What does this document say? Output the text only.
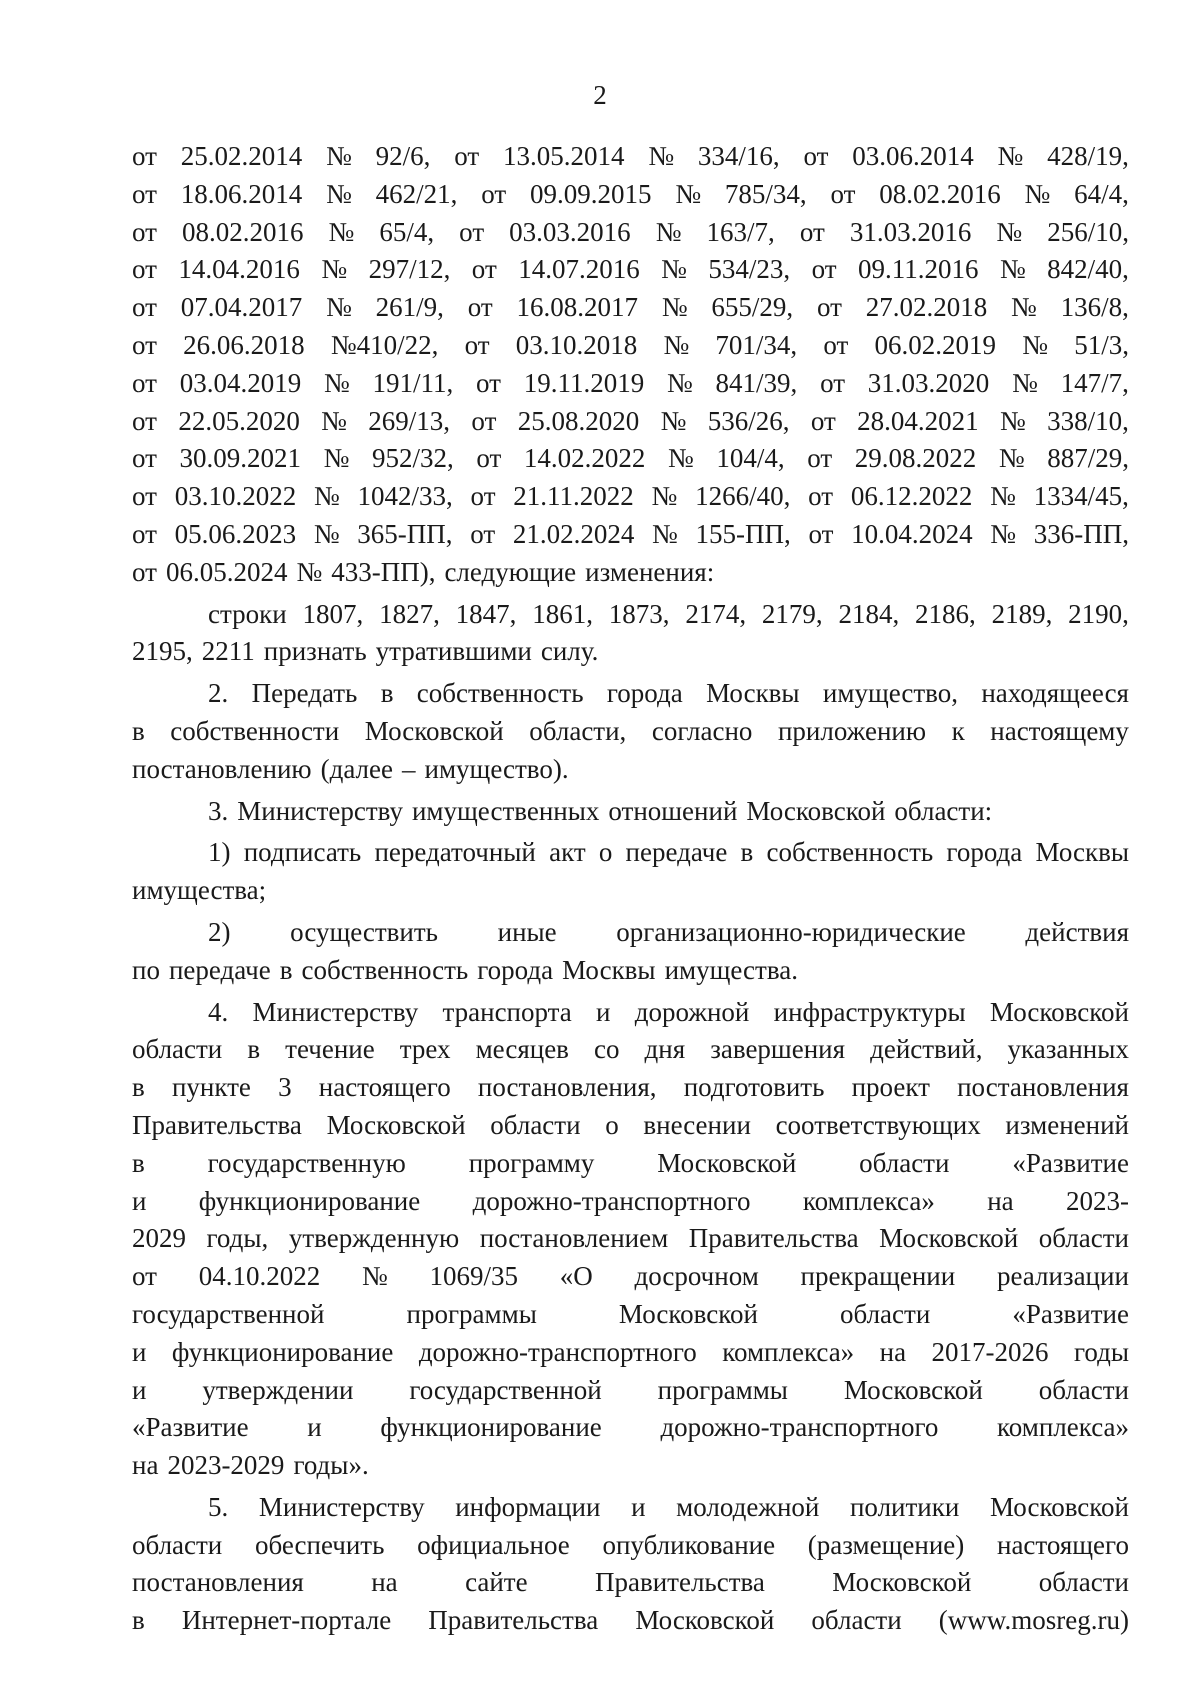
2
от 25.02.2014 № 92/6, от 13.05.2014 № 334/16, от 03.06.2014 № 428/19,
от 18.06.2014 № 462/21, от 09.09.2015 № 785/34, от 08.02.2016 № 64/4,
от 08.02.2016 № 65/4, от 03.03.2016 № 163/7, от 31.03.2016 № 256/10,
от 14.04.2016 № 297/12, от 14.07.2016 № 534/23, от 09.11.2016 № 842/40,
от 07.04.2017 № 261/9, от 16.08.2017 № 655/29, от 27.02.2018 № 136/8,
от 26.06.2018 №410/22, от 03.10.2018 № 701/34, от 06.02.2019 № 51/3,
от 03.04.2019 № 191/11, от 19.11.2019 № 841/39, от 31.03.2020 № 147/7,
от 22.05.2020 № 269/13, от 25.08.2020 № 536/26, от 28.04.2021 № 338/10,
от 30.09.2021 № 952/32, от 14.02.2022 № 104/4, от 29.08.2022 № 887/29,
от 03.10.2022 № 1042/33, от 21.11.2022 № 1266/40, от 06.12.2022 № 1334/45,
от 05.06.2023 № 365-ПП, от 21.02.2024 № 155-ПП, от 10.04.2024 № 336-ПП,
от 06.05.2024 № 433-ПП), следующие изменения:
строки 1807, 1827, 1847, 1861, 1873, 2174, 2179, 2184, 2186, 2189, 2190,
2195, 2211 признать утратившими силу.
2. Передать в собственность города Москвы имущество, находящееся
в собственности Московской области, согласно приложению к настоящему
постановлению (далее – имущество).
3. Министерству имущественных отношений Московской области:
1) подписать передаточный акт о передаче в собственность города Москвы
имущества;
2) осуществить иные организационно-юридические действия
по передаче в собственность города Москвы имущества.
4. Министерству транспорта и дорожной инфраструктуры Московской
области в течение трех месяцев со дня завершения действий, указанных
в пункте 3 настоящего постановления, подготовить проект постановления
Правительства Московской области о внесении соответствующих изменений
в государственную программу Московской области «Развитие
и функционирование дорожно-транспортного комплекса» на 2023-
2029 годы, утвержденную постановлением Правительства Московской области
от 04.10.2022 № 1069/35 «О досрочном прекращении реализации
государственной	программы	Московской	области	«Развитие
и функционирование дорожно-транспортного комплекса» на 2017-2026 годы
и утверждении государственной программы Московской области
«Развитие и функционирование дорожно-транспортного комплекса»
на 2023-2029 годы».
5. Министерству информации и молодежной политики Московской
области обеспечить официальное опубликование (размещение) настоящего
постановления на сайте Правительства Московской области
в Интернет-портале Правительства Московской области (www.mosreg.ru)
